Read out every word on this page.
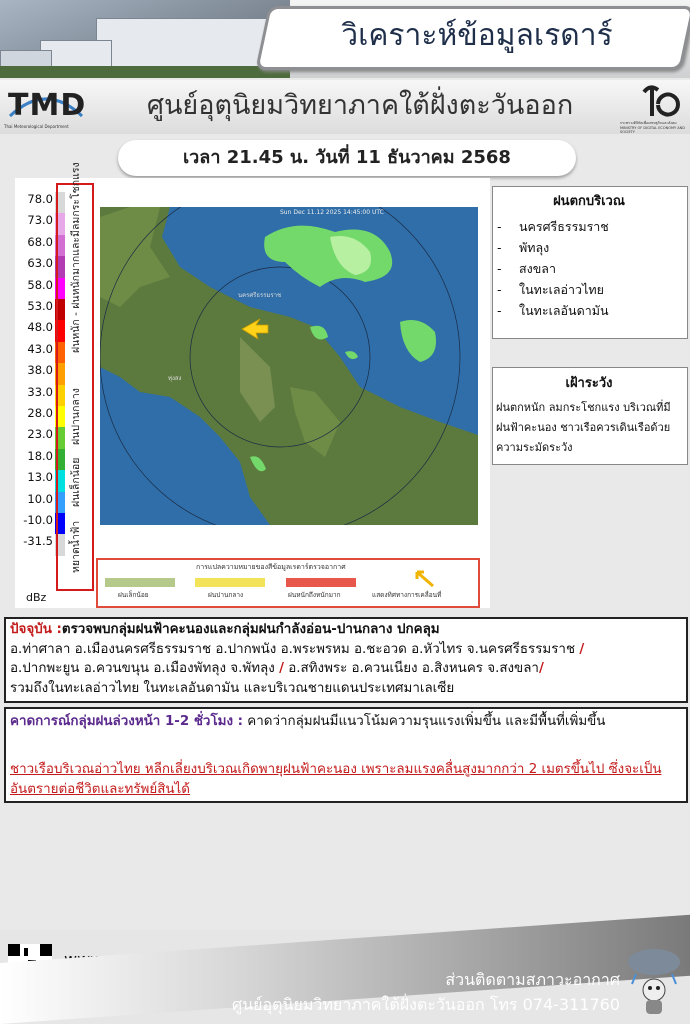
วิเคราะห์ข้อมูลเรดาร์
TMD
Thai Meteorological Department
ศูนย์อุตุนิยมวิทยาภาคใต้ฝั่งตะวันออก
กระทรวงดิจิทัลเพื่อเศรษฐกิจและสังคม MINISTRY OF DIGITAL ECONOMY AND SOCIETY
เวลา 21.45 น. วันที่ 11 ธันวาคม 2568
78.0
73.0
68.0
63.0
58.0
53.0
48.0
43.0
38.0
33.0
28.0
23.0
18.0
13.0
10.0
-10.0
-31.5
dBz
ฝนหนัก - ฝนหนักมากและมีลมกระโชกแรง
ฝนปานกลาง
ฝนเล็กน้อย
หยาดน้ำฟ้า
Sun Dec 11.12 2025 14:45:00 UTC
นครศรีธรรมราช
ทุ่งสง
การแปลความหมายของสีข้อมูลเรดาร์ตรวจอากาศ
ฝนเล็กน้อย	ฝนปานกลาง	ฝนหนักถึงหนักมาก	แสดงทิศทางการเคลื่อนที่
ฝนตกบริเวณ
- นครศรีธรรมราช
- พัทลุง
- สงขลา
- ในทะเลอ่าวไทย
- ในทะเลอันดามัน
เฝ้าระวัง
ฝนตกหนัก ลมกระโชกแรง บริเวณที่มีฝนฟ้าคะนอง ชาวเรือควรเดินเรือด้วยความระมัดระวัง
ปัจจุบัน :ตรวจพบกลุ่มฝนฟ้าคะนองและกลุ่มฝนกำลังอ่อน-ปานกลาง ปกคลุม
อ.ท่าศาลา อ.เมืองนครศรีธรรมราช อ.ปากพนัง อ.พระพรหม อ.ชะอวด อ.หัวไทร จ.นครศรีธรรมราช /
อ.ปากพะยูน อ.ควนขนุน อ.เมืองพัทลุง จ.พัทลุง / อ.สทิงพระ อ.ควนเนียง อ.สิงหนคร จ.สงขลา/
รวมถึงในทะเลอ่าวไทย ในทะเลอันดามัน และบริเวณชายแดนประเทศมาเลเซีย
คาดการณ์กลุ่มฝนล่วงหน้า 1-2 ชั่วโมง : คาดว่ากลุ่มฝนมีแนวโน้มความรุนแรงเพิ่มขึ้น และมีพื้นที่เพิ่มขึ้น
ชาวเรือบริเวณอ่าวไทย หลีกเลี่ยงบริเวณเกิดพายุฝนฟ้าคะนอง เพราะลมแรงคลื่นสูงมากกว่า 2 เมตรขึ้นไป ซึ่งจะเป็นอันตรายต่อชีวิตและทรัพย์สินได้
ส่วนติดตามสภาวะอากาศ
ศูนย์อุตุนิยมวิทยาภาคใต้ฝั่งตะวันออก โทร 074-311760
